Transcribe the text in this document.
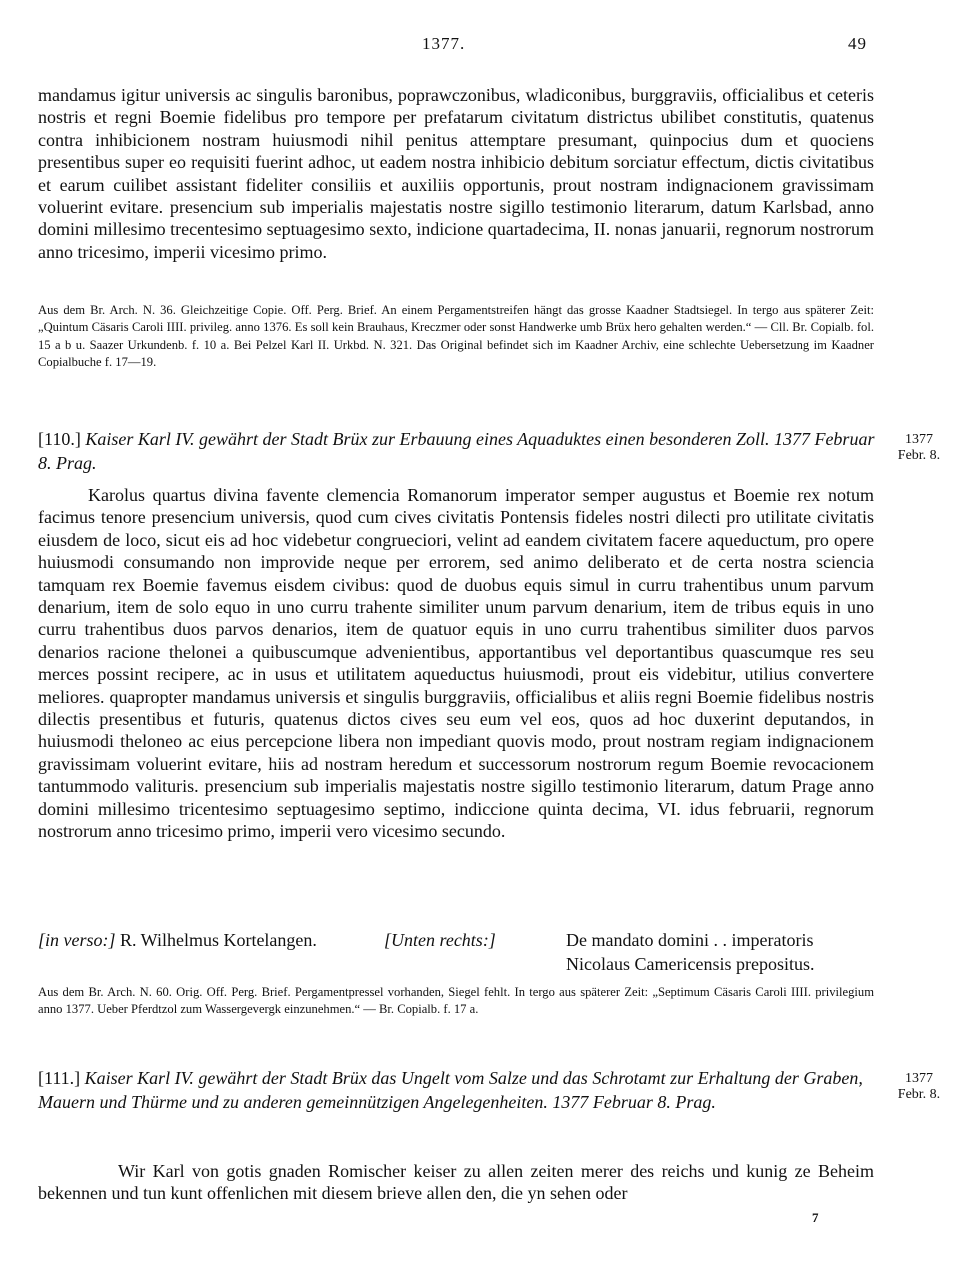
1377.	49
mandamus igitur universis ac singulis baronibus, poprawczonibus, wladiconibus, burggraviis, officialibus et ceteris nostris et regni Boemie fidelibus pro tempore per prefatarum civitatum districtus ubilibet constitutis, quatenus contra inhibicionem nostram huiusmodi nihil penitus attemptare presumant, quinpocius dum et quociens presentibus super eo requisiti fuerint adhoc, ut eadem nostra inhibicio debitum sorciatur effectum, dictis civitatibus et earum cuilibet assistant fideliter consiliis et auxiliis opportunis, prout nostram indignacionem gravissimam voluerint evitare. presencium sub imperialis majestatis nostre sigillo testimonio literarum, datum Karlsbad, anno domini millesimo trecentesimo septuagesimo sexto, indicione quartadecima, II. nonas januarii, regnorum nostrorum anno tricesimo, imperii vicesimo primo.
Aus dem Br. Arch. N. 36. Gleichzeitige Copie. Off. Perg. Brief. An einem Pergamentstreifen hängt das grosse Kaadner Stadtsiegel. In tergo aus späterer Zeit: „Quintum Cäsaris Caroli IIII. privileg. anno 1376. Es soll kein Brauhaus, Kreczmer oder sonst Handwerke umb Brüx hero gehalten werden.“ — Cll. Br. Copialb. fol. 15 a b u. Saazer Urkundenb. f. 10 a. Bei Pelzel Karl II. Urkbd. N. 321. Das Original befindet sich im Kaadner Archiv, eine schlechte Uebersetzung im Kaadner Copialbuche f. 17—19.
[110.] Kaiser Karl IV. gewährt der Stadt Brüx zur Erbauung eines Aquaduktes einen besonderen Zoll. 1377 Februar 8. Prag.
1377
Febr. 8.
Karolus quartus divina favente clemencia Romanorum imperator semper augustus et Boemie rex notum facimus tenore presencium universis, quod cum cives civitatis Pontensis fideles nostri dilecti pro utilitate civitatis eiusdem de loco, sicut eis ad hoc videbetur congrueciori, velint ad eandem civitatem facere aqueductum, pro opere huiusmodi consumando non improvide neque per errorem, sed animo deliberato et de certa nostra sciencia tamquam rex Boemie favemus eisdem civibus: quod de duobus equis simul in curru trahentibus unum parvum denarium, item de solo equo in uno curru trahente similiter unum parvum denarium, item de tribus equis in uno curru trahentibus duos parvos denarios, item de quatuor equis in uno curru trahentibus similiter duos parvos denarios racione thelonei a quibuscumque advenientibus, apportantibus vel deportantibus quascumque res seu merces possint recipere, ac in usus et utilitatem aqueductus huiusmodi, prout eis videbitur, utilius convertere meliores. quapropter mandamus universis et singulis burggraviis, officialibus et aliis regni Boemie fidelibus nostris dilectis presentibus et futuris, quatenus dictos cives seu eum vel eos, quos ad hoc duxerint deputandos, in huiusmodi theloneo ac eius percepcione libera non impediant quovis modo, prout nostram regiam indignacionem gravissimam voluerint evitare, hiis ad nostram heredum et successorum nostrorum regum Boemie revocacionem tantummodo valituris. presencium sub imperialis majestatis nostre sigillo testimonio literarum, datum Prage anno domini millesimo tricentesimo septuagesimo septimo, indiccione quinta decima, VI. idus februarii, regnorum nostrorum anno tricesimo primo, imperii vero vicesimo secundo.
[in verso:] R. Wilhelmus Kortelangen.	[Unten rechts:]	De mandato domini . . imperatoris
Nicolaus Camericensis prepositus.
Aus dem Br. Arch. N. 60. Orig. Off. Perg. Brief. Pergamentpressel vorhanden, Siegel fehlt. In tergo aus späterer Zeit: „Septimum Cäsaris Caroli IIII. privilegium anno 1377. Ueber Pferdtzol zum Wassergevergk einzunehmen.“ — Br. Copialb. f. 17 a.
[111.] Kaiser Karl IV. gewährt der Stadt Brüx das Ungelt vom Salze und das Schrotamt zur Erhaltung der Graben, Mauern und Thürme und zu anderen gemeinnützigen Angelegenheiten. 1377 Februar 8. Prag.
1377
Febr. 8.
Wir Karl von gotis gnaden Romischer keiser zu allen zeiten merer des reichs und kunig ze Beheim bekennen und tun kunt offenlichen mit diesem brieve allen den, die yn sehen oder
7
